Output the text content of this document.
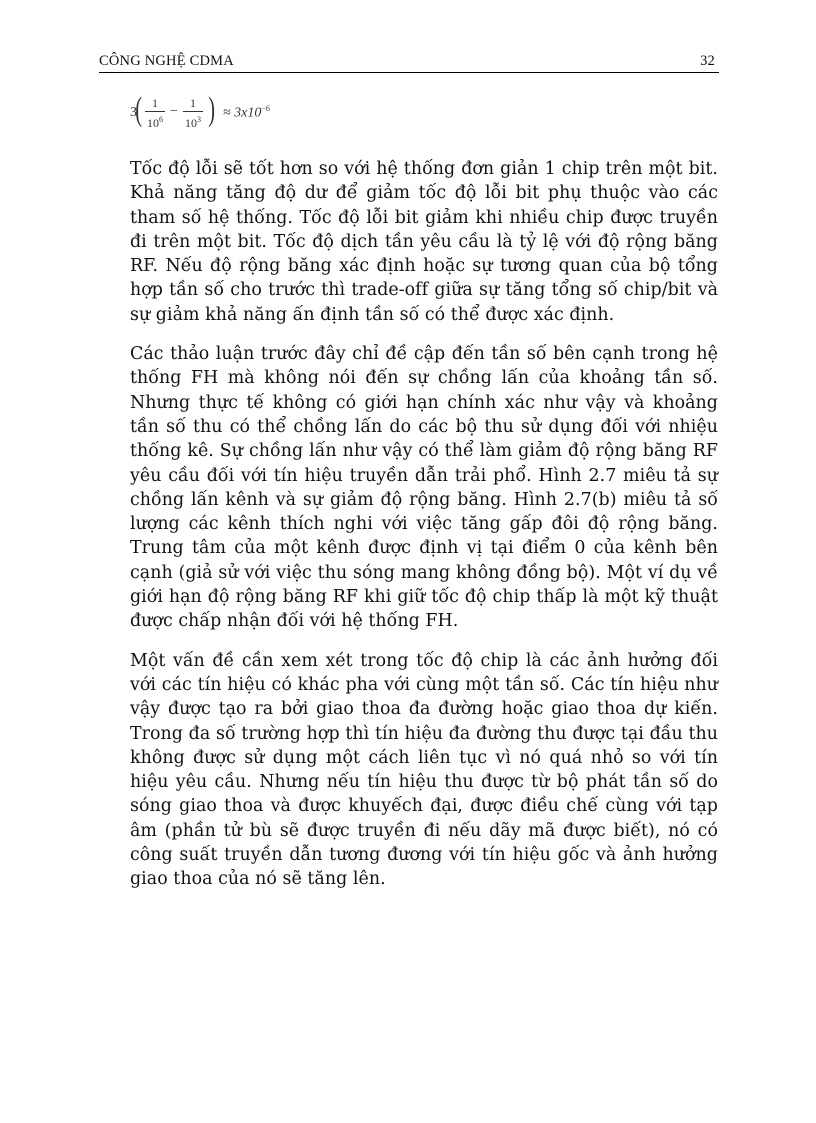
CÔNG NGHỆ CDMA	32
3
( 1
$10^6$
−
1
$10^3$ ) ≈ $3x10^{-6}$

Tốc độ lỗi sẽ tốt hơn so với hệ thống đơn giản 1 chip trên một bit. Khả năng tăng độ dư để giảm tốc độ lỗi bit phụ thuộc vào các tham số hệ thống. Tốc độ lỗi bit giảm khi nhiều chip được truyền đi trên một bit. Tốc độ dịch tần yêu cầu là tỷ lệ với độ rộng băng RF. Nếu độ rộng băng xác định hoặc sự tương quan của bộ tổng hợp tần số cho trước thì trade-off giữa sự tăng tổng số chip/bit và sự giảm khả năng ấn định tần số có thể được xác định.

Các thảo luận trước đây chỉ đề cập đến tần số bên cạnh trong hệ thống FH mà không nói đến sự chồng lấn của khoảng tần số. Nhưng thực tế không có giới hạn chính xác như vậy và khoảng tần số thu có thể chồng lấn do các bộ thu sử dụng đối với nhiệu thống kê. Sự chồng lấn như vậy có thể làm giảm độ rộng băng RF yêu cầu đối với tín hiệu truyền dẫn trải phổ. Hình 2.7 miêu tả sự chồng lấn kênh và sự giảm độ rộng băng. Hình 2.7(b) miêu tả số lượng các kênh thích nghi với việc tăng gấp đôi độ rộng băng. Trung tâm của một kênh được định vị tại điểm 0 của kênh bên cạnh (giả sử với việc thu sóng mang không đồng bộ). Một ví dụ về giới hạn độ rộng băng RF khi giữ tốc độ chip thấp là một kỹ thuật được chấp nhận đối với hệ thống FH.

Một vấn đề cần xem xét trong tốc độ chip là các ảnh hưởng đối với các tín hiệu có khác pha với cùng một tần số. Các tín hiệu như vậy được tạo ra bởi giao thoa đa đường hoặc giao thoa dự kiến. Trong đa số trường hợp thì tín hiệu đa đường thu được tại đầu thu không được sử dụng một cách liên tục vì nó quá nhỏ so với tín hiệu yêu cầu. Nhưng nếu tín hiệu thu được từ bộ phát tần số do sóng giao thoa và được khuyếch đại, được điều chế cùng với tạp âm (phần tử bù sẽ được truyền đi nếu dãy mã được biết), nó có công suất truyền dẫn tương đương với tín hiệu gốc và ảnh hưởng giao thoa của nó sẽ tăng lên.
